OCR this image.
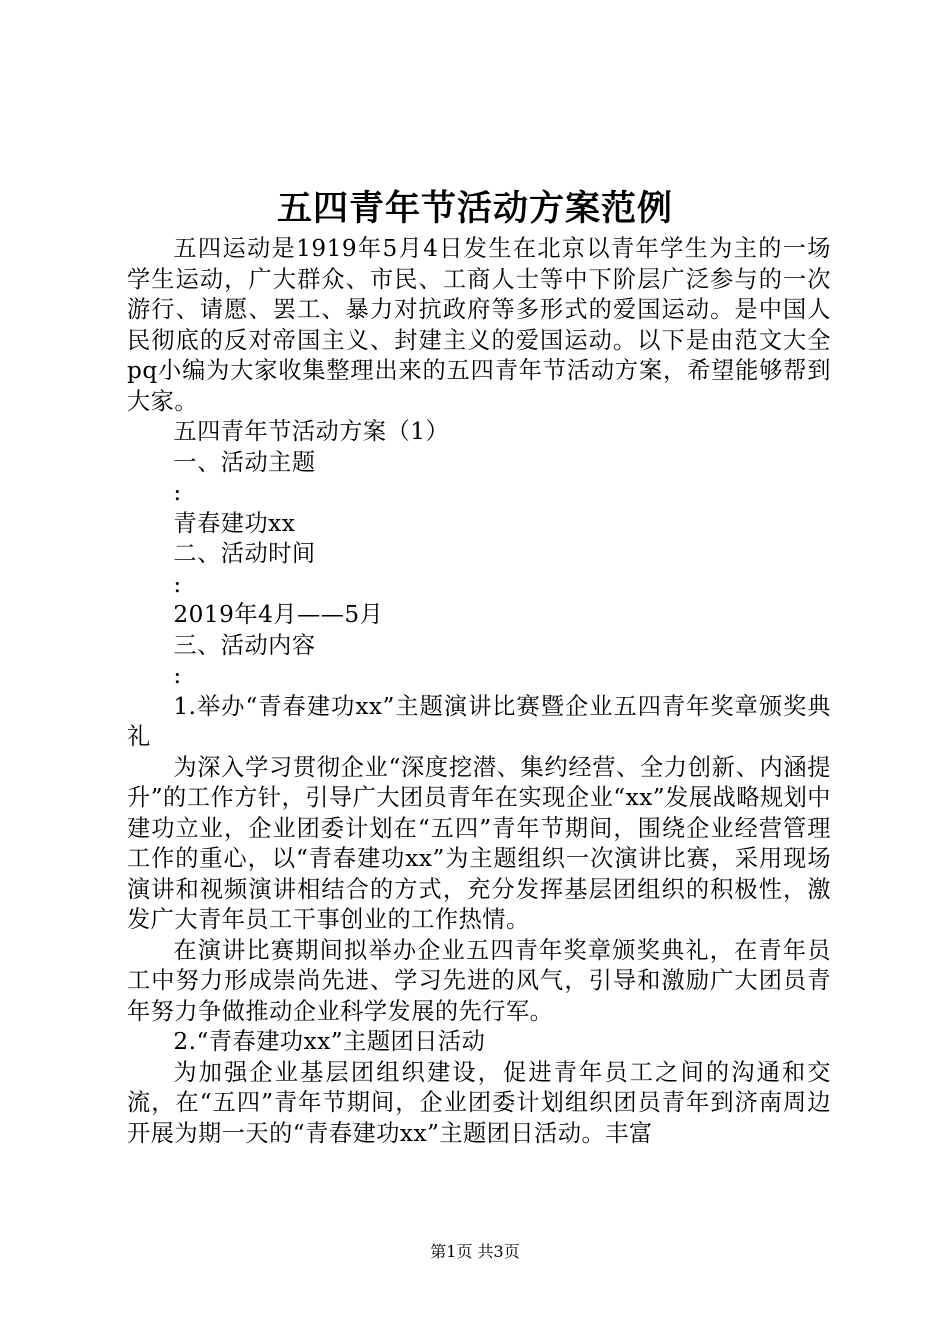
五四青年节活动方案范例

五四运动是1919年5月4日发生在北京以青年学生为主的一场学生运动，广大群众、市民、工商人士等中下阶层广泛参与的一次游行、请愿、罢工、暴力对抗政府等多形式的爱国运动。是中国人民彻底的反对帝国主义、封建主义的爱国运动。以下是由范文大全pq小编为大家收集整理出来的五四青年节活动方案，希望能够帮到大家。

五四青年节活动方案（1）

一、活动主题

:

青春建功xx

二、活动时间

:

2019年4月——5月

三、活动内容

:

1.举办“青春建功xx”主题演讲比赛暨企业五四青年奖章颁奖典礼

为深入学习贯彻企业“深度挖潜、集约经营、全力创新、内涵提升”的工作方针，引导广大团员青年在实现企业“xx”发展战略规划中建功立业，企业团委计划在“五四”青年节期间，围绕企业经营管理工作的重心，以“青春建功xx”为主题组织一次演讲比赛，采用现场演讲和视频演讲相结合的方式，充分发挥基层团组织的积极性，激发广大青年员工干事创业的工作热情。

在演讲比赛期间拟举办企业五四青年奖章颁奖典礼，在青年员工中努力形成崇尚先进、学习先进的风气，引导和激励广大团员青年努力争做推动企业科学发展的先行军。

2.“青春建功xx”主题团日活动

为加强企业基层团组织建设，促进青年员工之间的沟通和交流，在“五四”青年节期间，企业团委计划组织团员青年到济南周边开展为期一天的“青春建功xx”主题团日活动。丰富

第1页 共3页
